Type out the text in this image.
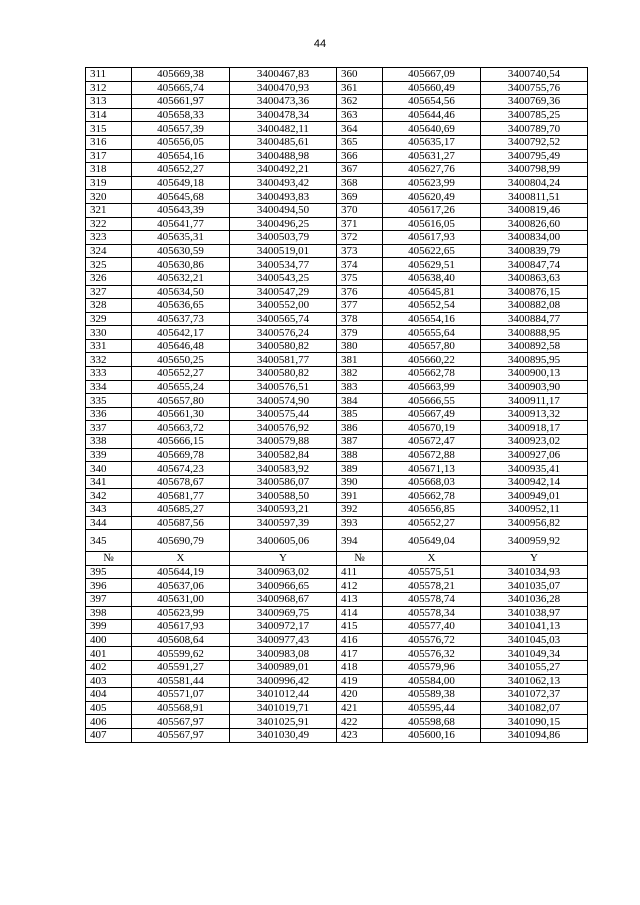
44
311	405669,38	3400467,83	360	405667,09	3400740,54
312	405665,74	3400470,93	361	405660,49	3400755,76
313	405661,97	3400473,36	362	405654,56	3400769,36
314	405658,33	3400478,34	363	405644,46	3400785,25
315	405657,39	3400482,11	364	405640,69	3400789,70
316	405656,05	3400485,61	365	405635,17	3400792,52
317	405654,16	3400488,98	366	405631,27	3400795,49
318	405652,27	3400492,21	367	405627,76	3400798,99
319	405649,18	3400493,42	368	405623,99	3400804,24
320	405645,68	3400493,83	369	405620,49	3400811,51
321	405643,39	3400494,50	370	405617,26	3400819,46
322	405641,77	3400496,25	371	405616,05	3400826,60
323	405635,31	3400503,79	372	405617,93	3400834,00
324	405630,59	3400519,01	373	405622,65	3400839,79
325	405630,86	3400534,77	374	405629,51	3400847,74
326	405632,21	3400543,25	375	405638,40	3400863,63
327	405634,50	3400547,29	376	405645,81	3400876,15
328	405636,65	3400552,00	377	405652,54	3400882,08
329	405637,73	3400565,74	378	405654,16	3400884,77
330	405642,17	3400576,24	379	405655,64	3400888,95
331	405646,48	3400580,82	380	405657,80	3400892,58
332	405650,25	3400581,77	381	405660,22	3400895,95
333	405652,27	3400580,82	382	405662,78	3400900,13
334	405655,24	3400576,51	383	405663,99	3400903,90
335	405657,80	3400574,90	384	405666,55	3400911,17
336	405661,30	3400575,44	385	405667,49	3400913,32
337	405663,72	3400576,92	386	405670,19	3400918,17
338	405666,15	3400579,88	387	405672,47	3400923,02
339	405669,78	3400582,84	388	405672,88	3400927,06
340	405674,23	3400583,92	389	405671,13	3400935,41
341	405678,67	3400586,07	390	405668,03	3400942,14
342	405681,77	3400588,50	391	405662,78	3400949,01
343	405685,27	3400593,21	392	405656,85	3400952,11
344	405687,56	3400597,39	393	405652,27	3400956,82
345	405690,79	3400605,06	394	405649,04	3400959,92
№	X	Y	№	X	Y
395	405644,19	3400963,02	411	405575,51	3401034,93
396	405637,06	3400966,65	412	405578,21	3401035,07
397	405631,00	3400968,67	413	405578,74	3401036,28
398	405623,99	3400969,75	414	405578,34	3401038,97
399	405617,93	3400972,17	415	405577,40	3401041,13
400	405608,64	3400977,43	416	405576,72	3401045,03
401	405599,62	3400983,08	417	405576,32	3401049,34
402	405591,27	3400989,01	418	405579,96	3401055,27
403	405581,44	3400996,42	419	405584,00	3401062,13
404	405571,07	3401012,44	420	405589,38	3401072,37
405	405568,91	3401019,71	421	405595,44	3401082,07
406	405567,97	3401025,91	422	405598,68	3401090,15
407	405567,97	3401030,49	423	405600,16	3401094,86
